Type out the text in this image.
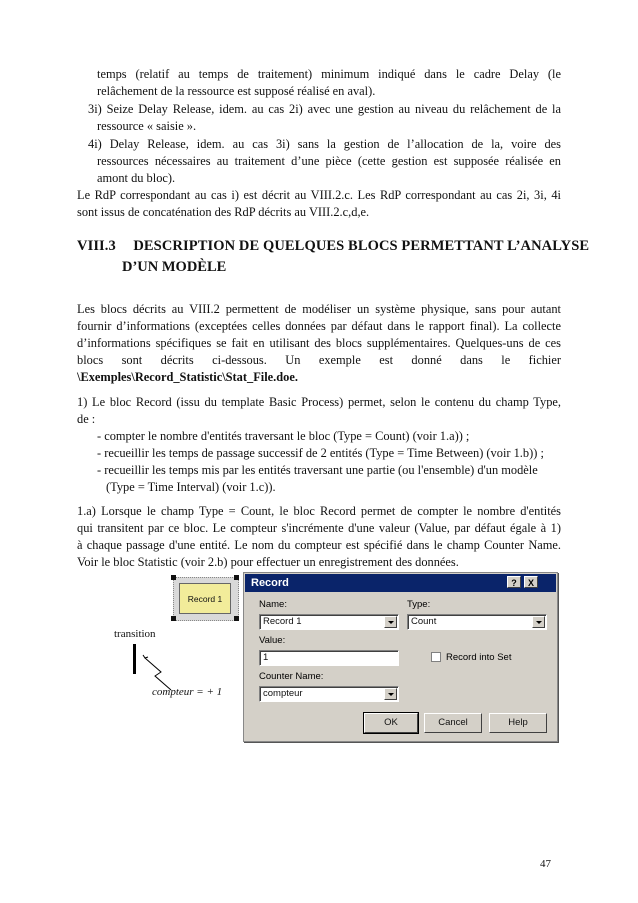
temps (relatif au temps de traitement) minimum indiqué dans le cadre Delay (le
relâchement de la ressource est supposé réalisé en aval).
3i) Seize Delay Release, idem. au cas 2i) avec une gestion au niveau du relâchement de la
ressource « saisie ».
4i) Delay Release, idem. au cas 3i) sans la gestion de l’allocation de la, voire des
ressources nécessaires au traitement d’une pièce (cette gestion est supposée réalisée en
amont du bloc).
Le RdP correspondant au cas i) est décrit au VIII.2.c. Les RdP correspondant au cas 2i, 3i, 4i
sont issus de concaténation des RdP décrits au VIII.2.c,d,e.
VIII.3 DESCRIPTION DE QUELQUES BLOCS PERMETTANT L’ANALYSE
D’UN MODÈLE
Les blocs décrits au VIII.2 permettent de modéliser un système physique, sans pour autant
fournir d’informations (exceptées celles données par défaut dans le rapport final). La collecte
d’informations spécifiques se fait en utilisant des blocs supplémentaires. Quelques-uns de ces
blocs sont décrits ci-dessous. Un exemple est donné dans le fichier
\Exemples\Record_Statistic\Stat_File.doe.
1) Le bloc Record (issu du template Basic Process) permet, selon le contenu du champ Type,
de :
- compter le nombre d'entités traversant le bloc (Type = Count) (voir 1.a)) ;
- recueillir les temps de passage successif de 2 entités (Type = Time Between) (voir 1.b)) ;
- recueillir les temps mis par les entités traversant une partie (ou l'ensemble) d'un modèle
(Type = Time Interval) (voir 1.c)).
1.a) Lorsque le champ Type = Count, le bloc Record permet de compter le nombre d'entités
qui transitent par ce bloc. Le compteur s'incrémente d'une valeur (Value, par défaut égale à 1)
à chaque passage d'une entité. Le nom du compteur est spécifié dans le champ Counter Name.
Voir le bloc Statistic (voir 2.b) pour effectuer un enregistrement des données.
Record 1
transition
compteur = + 1
Record	?	X
Name:
Record 1
Type:
Count
Value:
1	Record into Set
Counter Name:
compteur
OK	Cancel	Help
47
